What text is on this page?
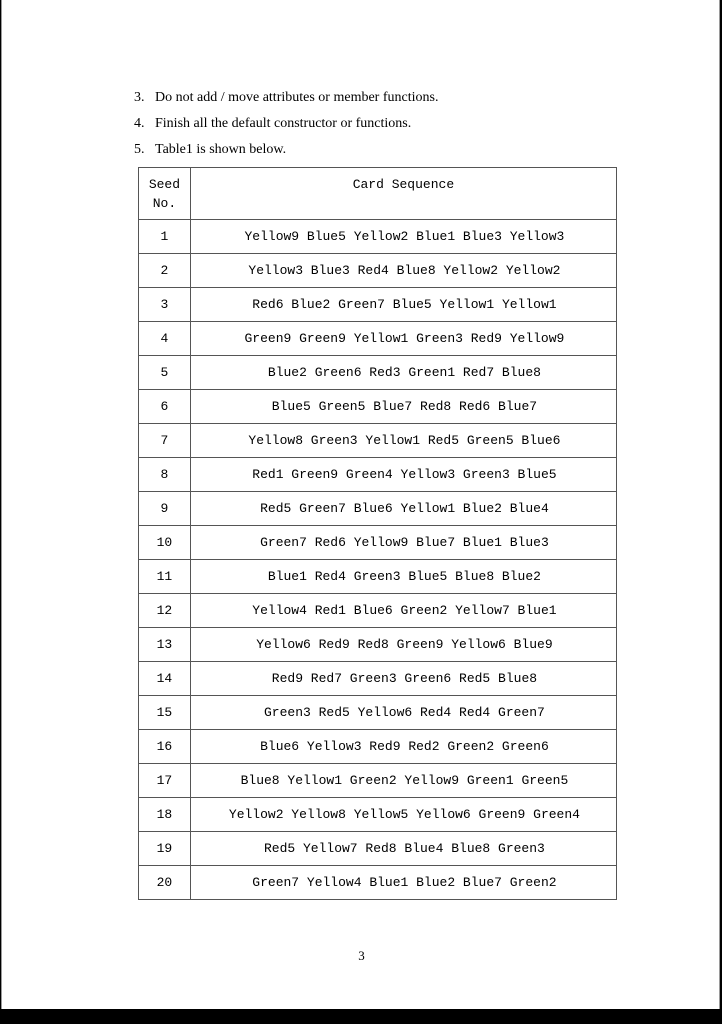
3. Do not add / move attributes or member functions.
4. Finish all the default constructor or functions.
5. Table1 is shown below.
Seed
No.	Card Sequence
1	Yellow9 Blue5 Yellow2 Blue1 Blue3 Yellow3
2	Yellow3 Blue3 Red4 Blue8 Yellow2 Yellow2
3	Red6 Blue2 Green7 Blue5 Yellow1 Yellow1
4	Green9 Green9 Yellow1 Green3 Red9 Yellow9
5	Blue2 Green6 Red3 Green1 Red7 Blue8
6	Blue5 Green5 Blue7 Red8 Red6 Blue7
7	Yellow8 Green3 Yellow1 Red5 Green5 Blue6
8	Red1 Green9 Green4 Yellow3 Green3 Blue5
9	Red5 Green7 Blue6 Yellow1 Blue2 Blue4
10	Green7 Red6 Yellow9 Blue7 Blue1 Blue3
11	Blue1 Red4 Green3 Blue5 Blue8 Blue2
12	Yellow4 Red1 Blue6 Green2 Yellow7 Blue1
13	Yellow6 Red9 Red8 Green9 Yellow6 Blue9
14	Red9 Red7 Green3 Green6 Red5 Blue8
15	Green3 Red5 Yellow6 Red4 Red4 Green7
16	Blue6 Yellow3 Red9 Red2 Green2 Green6
17	Blue8 Yellow1 Green2 Yellow9 Green1 Green5
18	Yellow2 Yellow8 Yellow5 Yellow6 Green9 Green4
19	Red5 Yellow7 Red8 Blue4 Blue8 Green3
20	Green7 Yellow4 Blue1 Blue2 Blue7 Green2
3
